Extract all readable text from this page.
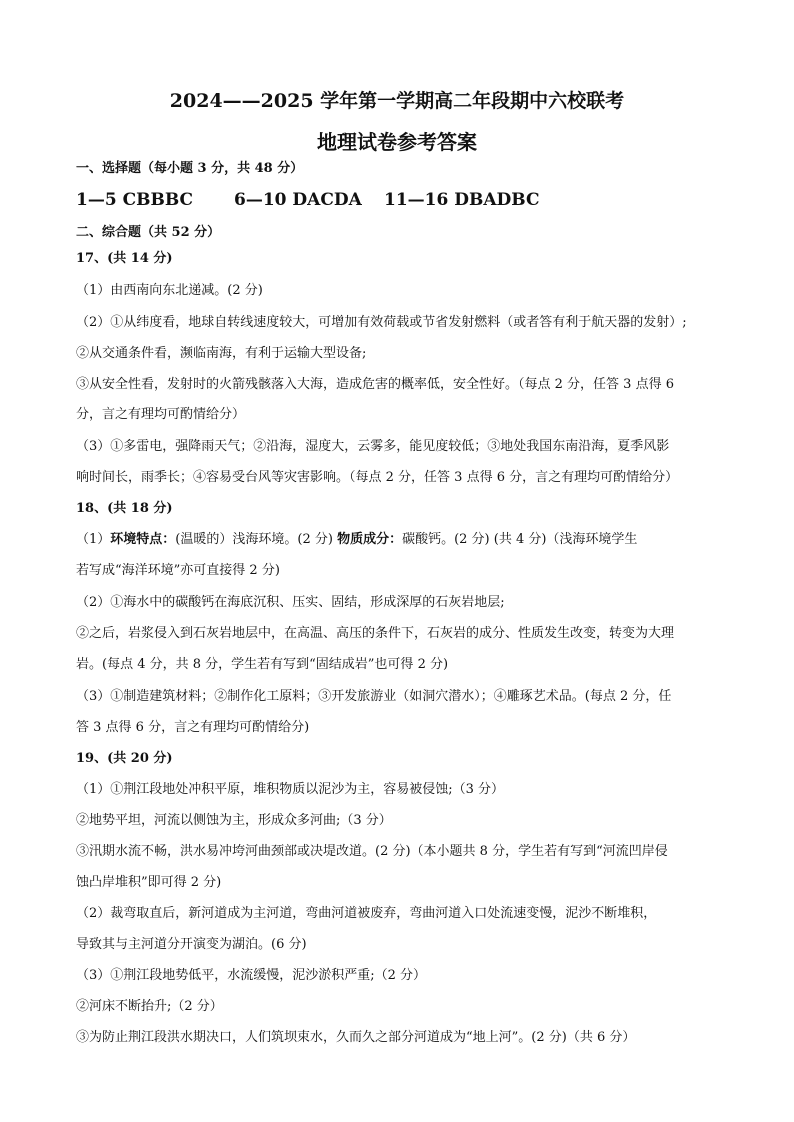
2024——2025 学年第一学期高二年段期中六校联考
地理试卷参考答案
一、选择题（每小题 3 分，共 48 分）
1—5 CBBBC 6—10 DACDA 11—16 DBADBC
二、综合题（共 52 分）
17、(共 14 分)
（1）由西南向东北递减。(2 分)
（2）①从纬度看，地球自转线速度较大，可增加有效荷载或节省发射燃料（或者答有利于航天器的发射）;
②从交通条件看，濒临南海，有利于运输大型设备;
③从安全性看，发射时的火箭残骸落入大海，造成危害的概率低，安全性好。（每点 2 分，任答 3 点得 6
分，言之有理均可酌情给分）
（3）①多雷电，强降雨天气；②沿海，湿度大，云雾多，能见度较低；③地处我国东南沿海，夏季风影
响时间长，雨季长；④容易受台风等灾害影响。（每点 2 分，任答 3 点得 6 分，言之有理均可酌情给分）
18、(共 18 分)
（1）环境特点：(温暖的）浅海环境。(2 分) 物质成分：碳酸钙。(2 分) (共 4 分)（浅海环境学生
若写成“海洋环境”亦可直接得 2 分)
（2）①海水中的碳酸钙在海底沉积、压实、固结，形成深厚的石灰岩地层;
②之后，岩浆侵入到石灰岩地层中，在高温、高压的条件下，石灰岩的成分、性质发生改变，转变为大理
岩。(每点 4 分，共 8 分，学生若有写到“固结成岩”也可得 2 分)
（3）①制造建筑材料；②制作化工原料；③开发旅游业（如洞穴潜水）；④雕琢艺术品。(每点 2 分，任
答 3 点得 6 分，言之有理均可酌情给分)
19、(共 20 分)
（1）①荆江段地处冲积平原，堆积物质以泥沙为主，容易被侵蚀;（3 分）
②地势平坦，河流以侧蚀为主，形成众多河曲;（3 分）
③汛期水流不畅，洪水易冲垮河曲颈部或决堤改道。(2 分)（本小题共 8 分，学生若有写到“河流凹岸侵
蚀凸岸堆积”即可得 2 分)
（2）裁弯取直后，新河道成为主河道，弯曲河道被废弃，弯曲河道入口处流速变慢，泥沙不断堆积，
导致其与主河道分开演变为湖泊。(6 分)
（3）①荆江段地势低平，水流缓慢，泥沙淤积严重;（2 分）
②河床不断抬升;（2 分）
③为防止荆江段洪水期决口，人们筑坝束水，久而久之部分河道成为“地上河”。(2 分)（共 6 分）
